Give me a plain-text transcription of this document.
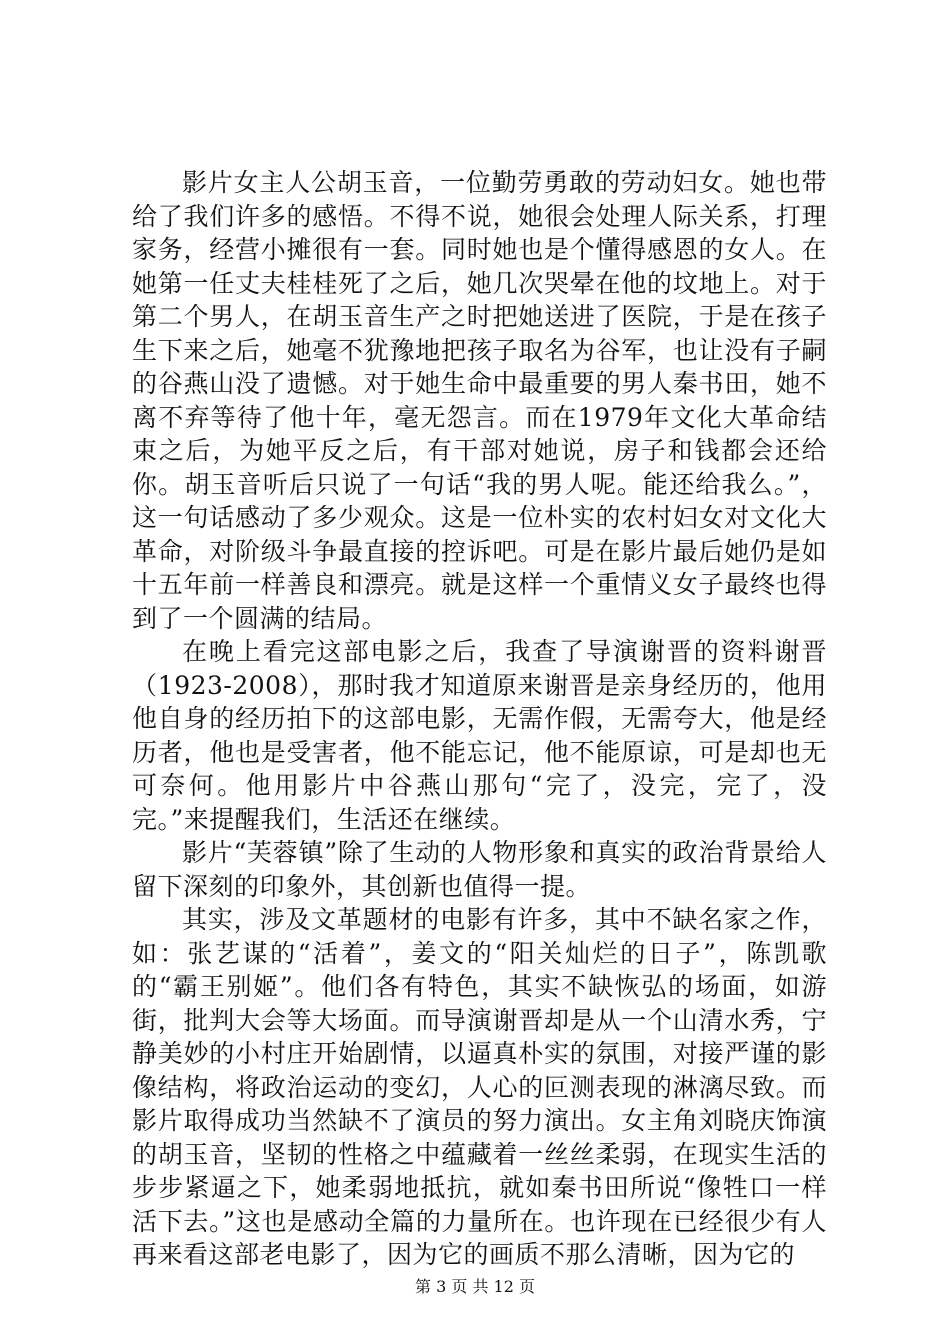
影片女主人公胡玉音，一位勤劳勇敢的劳动妇女。她也带给了我们许多的感悟。不得不说，她很会处理人际关系，打理家务，经营小摊很有一套。同时她也是个懂得感恩的女人。在她第一任丈夫桂桂死了之后，她几次哭晕在他的坟地上。对于第二个男人，在胡玉音生产之时把她送进了医院，于是在孩子生下来之后，她毫不犹豫地把孩子取名为谷军，也让没有子嗣的谷燕山没了遗憾。对于她生命中最重要的男人秦书田，她不离不弃等待了他十年，毫无怨言。而在1979年文化大革命结束之后，为她平反之后，有干部对她说，房子和钱都会还给你。胡玉音听后只说了一句话“我的男人呢。能还给我么。”，这一句话感动了多少观众。这是一位朴实的农村妇女对文化大革命，对阶级斗争最直接的控诉吧。可是在影片最后她仍是如十五年前一样善良和漂亮。就是这样一个重情义女子最终也得到了一个圆满的结局。

在晚上看完这部电影之后，我查了导演谢晋的资料谢晋（1923-2008），那时我才知道原来谢晋是亲身经历的，他用他自身的经历拍下的这部电影，无需作假，无需夸大，他是经历者，他也是受害者，他不能忘记，他不能原谅，可是却也无可奈何。他用影片中谷燕山那句“完了，没完，完了，没完。”来提醒我们，生活还在继续。

影片“芙蓉镇”除了生动的人物形象和真实的政治背景给人留下深刻的印象外，其创新也值得一提。

其实，涉及文革题材的电影有许多，其中不缺名家之作，如：张艺谋的“活着”，姜文的“阳关灿烂的日子”，陈凯歌的“霸王别姬”。他们各有特色，其实不缺恢弘的场面，如游街，批判大会等大场面。而导演谢晋却是从一个山清水秀，宁静美妙的小村庄开始剧情，以逼真朴实的氛围，对接严谨的影像结构，将政治运动的变幻，人心的叵测表现的淋漓尽致。而影片取得成功当然缺不了演员的努力演出。女主角刘晓庆饰演的胡玉音，坚韧的性格之中蕴藏着一丝丝柔弱，在现实生活的步步紧逼之下，她柔弱地抵抗，就如秦书田所说“像牲口一样活下去。”这也是感动全篇的力量所在。也许现在已经很少有人再来看这部老电影了，因为它的画质不那么清晰，因为它的

第 3 页 共 12 页
